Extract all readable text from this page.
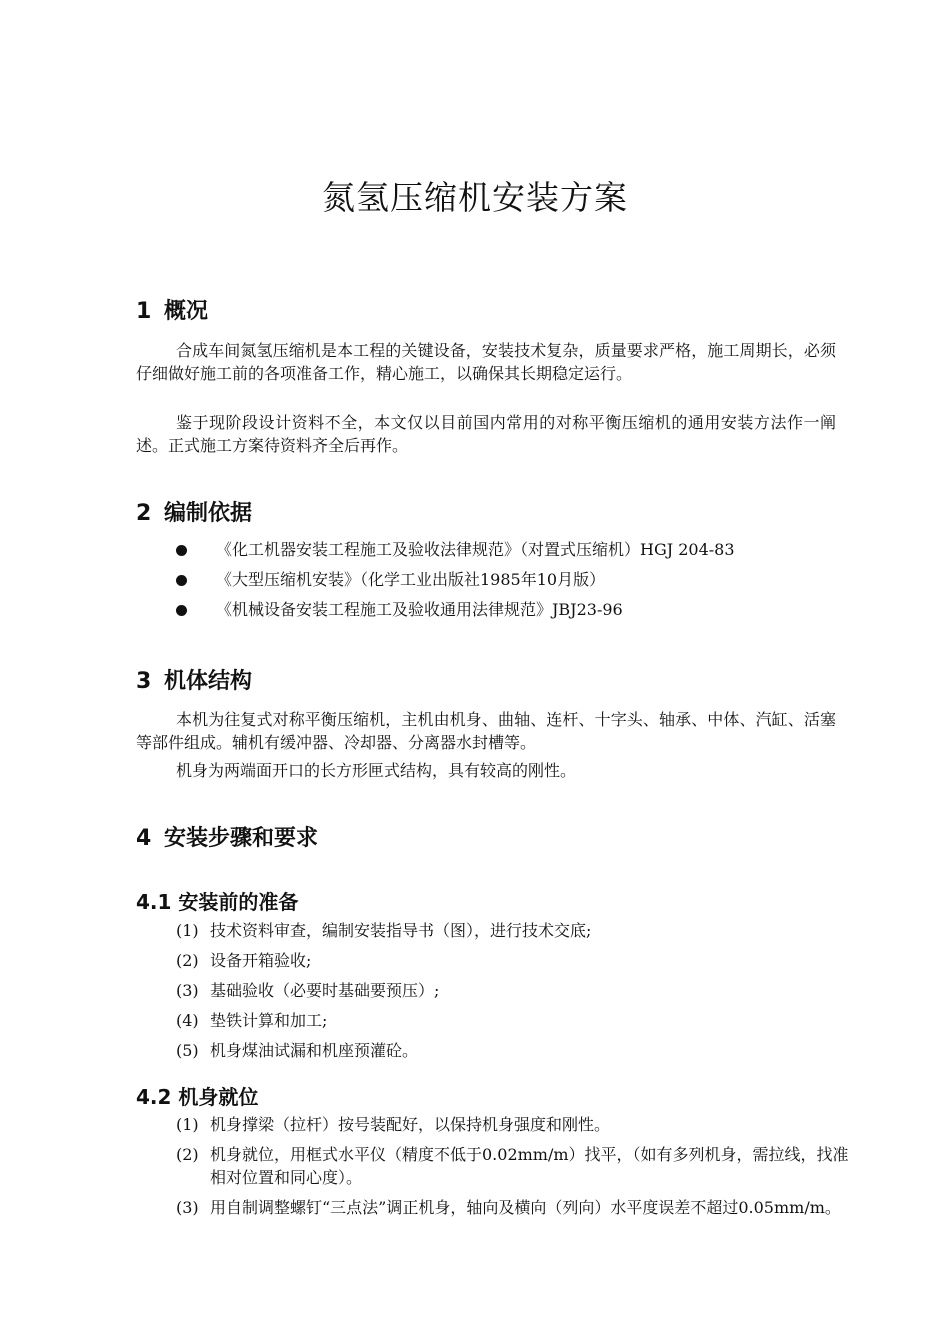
氮氢压缩机安装方案
1 概况

合成车间氮氢压缩机是本工程的关键设备，安装技术复杂，质量要求严格，施工周期长，必须仔细做好施工前的各项准备工作，精心施工，以确保其长期稳定运行。

鉴于现阶段设计资料不全，本文仅以目前国内常用的对称平衡压缩机的通用安装方法作一阐述。正式施工方案待资料齐全后再作。

2 编制依据
《化工机器安装工程施工及验收法律规范》（对置式压缩机）HGJ 204-83
《大型压缩机安装》（化学工业出版社1985年10月版）
《机械设备安装工程施工及验收通用法律规范》JBJ23-96
3 机体结构

本机为往复式对称平衡压缩机，主机由机身、曲轴、连杆、十字头、轴承、中体、汽缸、活塞等部件组成。辅机有缓冲器、冷却器、分离器水封槽等。

机身为两端面开口的长方形匣式结构，具有较高的刚性。

4 安装步骤和要求
4.1 安装前的准备
(1) 技术资料审查，编制安装指导书（图），进行技术交底;
(2) 设备开箱验收;
(3) 基础验收（必要时基础要预压）;
(4) 垫铁计算和加工;
(5) 机身煤油试漏和机座预灌砼。
4.2 机身就位
(1) 机身撑梁（拉杆）按号装配好，以保持机身强度和刚性。
(2) 机身就位，用框式水平仪（精度不低于0.02mm/m）找平，（如有多列机身，需拉线，找准相对位置和同心度）。
(3) 用自制调整螺钉“三点法”调正机身，轴向及横向（列向）水平度误差不超过0.05mm/m。
